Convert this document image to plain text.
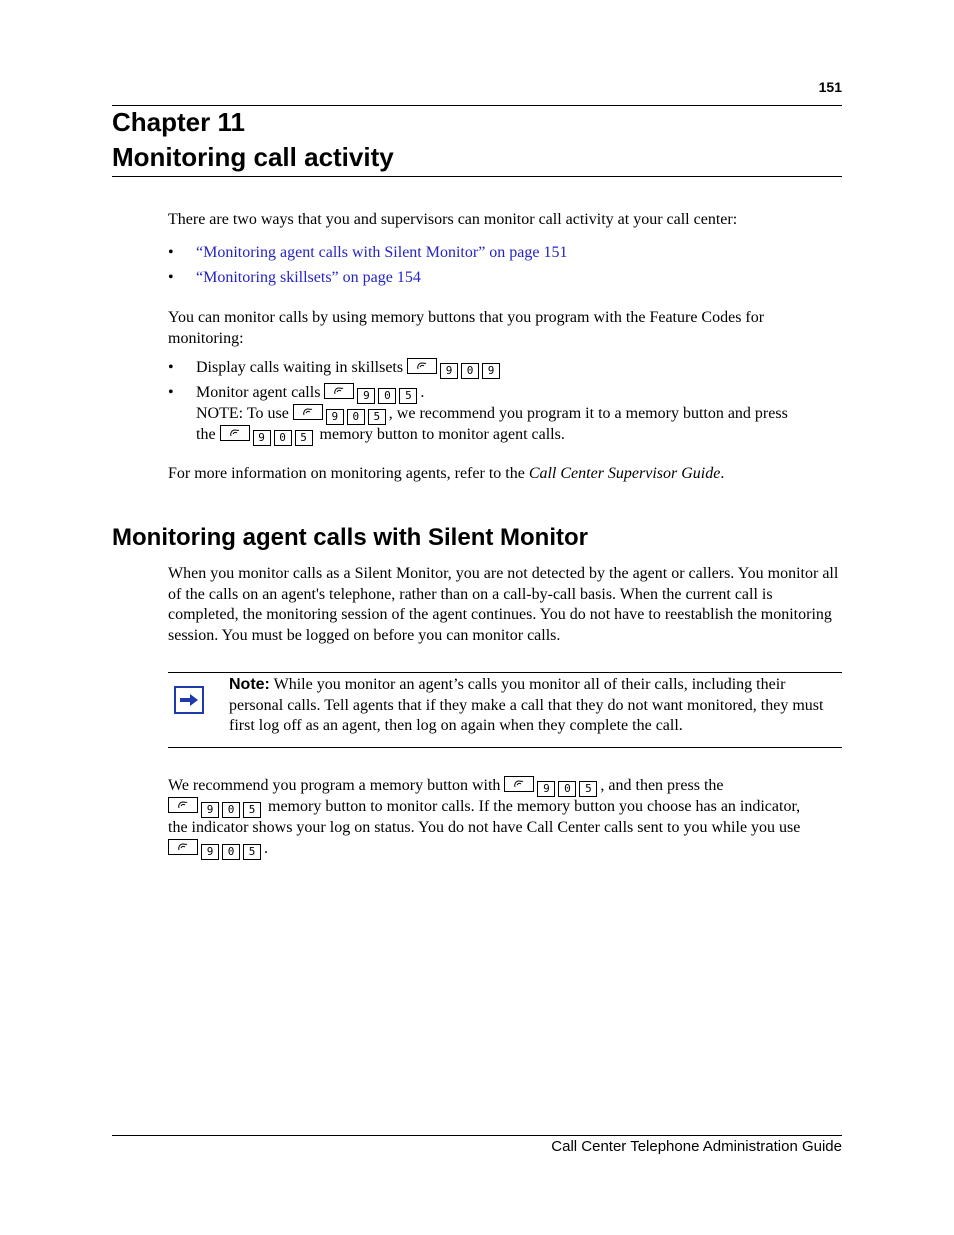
151
Chapter 11
Monitoring call activity

There are two ways that you and supervisors can monitor call activity at your call center:

• “Monitoring agent calls with Silent Monitor” on page 151
• “Monitoring skillsets” on page 154

You can monitor calls by using memory buttons that you program with the Feature Codes for monitoring:

• Display calls waiting in skillsets	9 0 9
• Monitor agent calls	9 0 5 .
NOTE: To use	9 0 5 , we recommend you program it to a memory button and press
the	9 0 5 memory button to monitor agent calls.

For more information on monitoring agents, refer to the Call Center Supervisor Guide.

Monitoring agent calls with Silent Monitor

When you monitor calls as a Silent Monitor, you are not detected by the agent or callers. You monitor all of the calls on an agent's telephone, rather than on a call-by-call basis. When the current call is completed, the monitoring session of the agent continues. You do not have to reestablish the monitoring session. You must be logged on before you can monitor calls.

Note: While you monitor an agent’s calls you monitor all of their calls, including their personal calls. Tell agents that if they make a call that they do not want monitored, they must first log off as an agent, then log on again when they complete the call.
We recommend you program a memory button with	9 0 5 , and then press the

9 0 5 memory button to monitor calls. If the memory button you choose has an indicator,
the indicator shows your log on status. You do not have Call Center calls sent to you while you use

9 0 5 .
Call Center Telephone Administration Guide
